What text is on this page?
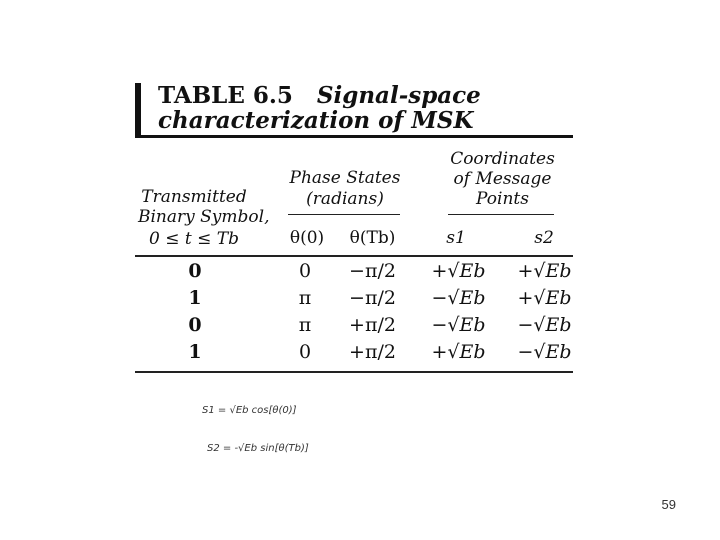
TABLE 6.5 Signal-space
characterization of MSK
Transmitted
Binary Symbol,
0 ≤ t ≤ Tb
Phase States
(radians)
Coordinates
of Message
Points
θ(0)	θ(Tb)	s1	s2
0	0	−π/2	+√Eb +√Eb
1	π	−π/2	−√Eb +√Eb
0	π	+π/2	−√Eb −√Eb
1	0	+π/2	+√Eb −√Eb
S1 = √Eb cos[θ(0)]
S2 = -√Eb sin[θ(Tb)]
59
